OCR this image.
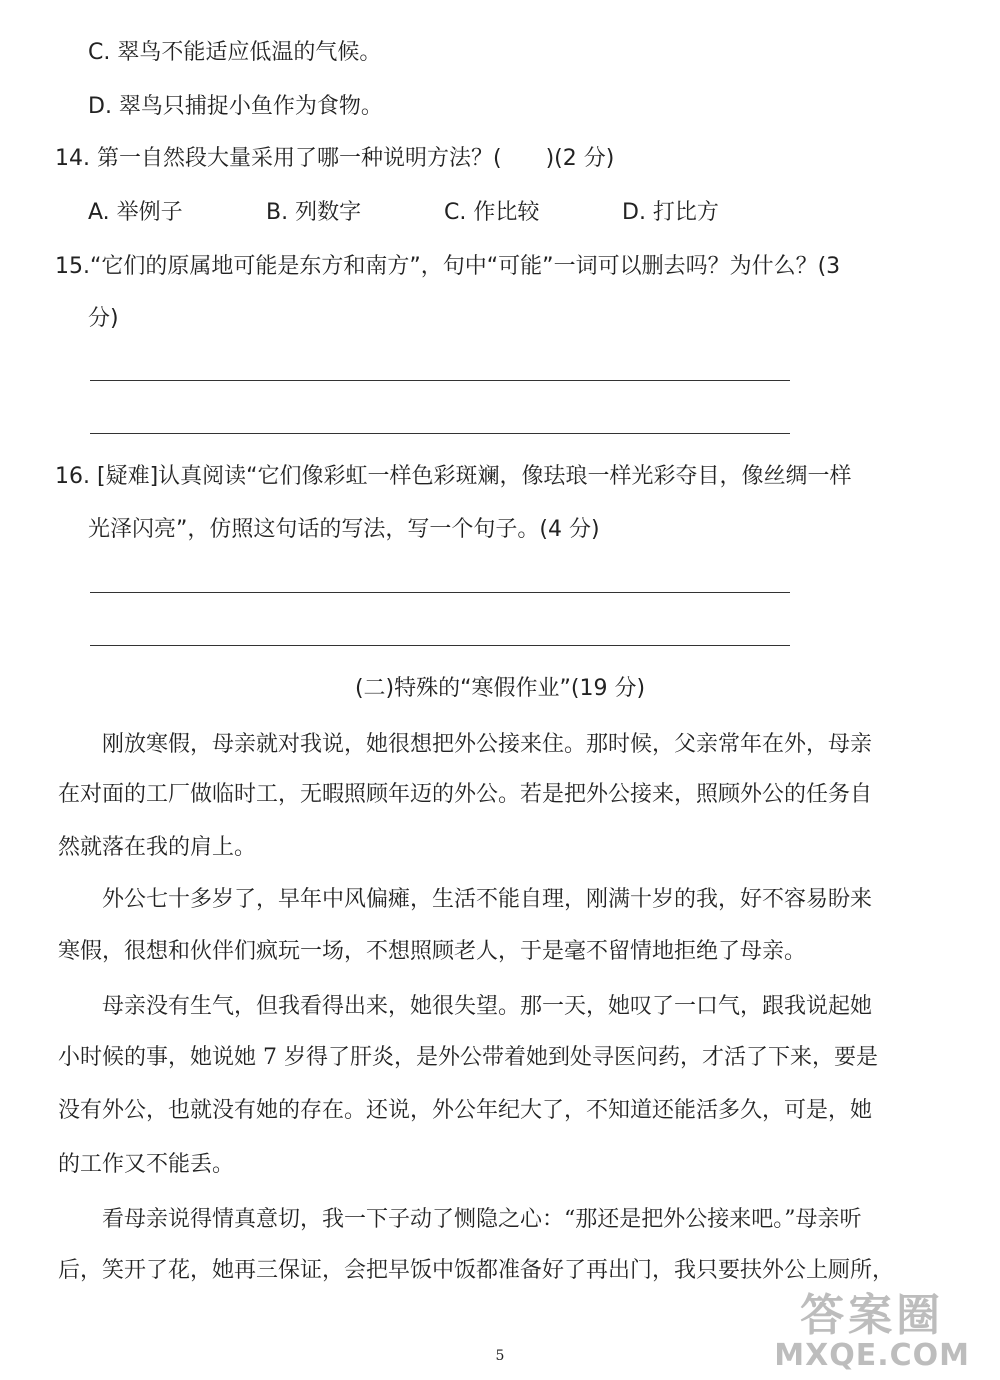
C. 翠鸟不能适应低温的气候。
D. 翠鸟只捕捉小鱼作为食物。
14. 第一自然段大量采用了哪一种说明方法？(　　)(2 分)
A. 举例子	B. 列数字	C. 作比较	D. 打比方
15.“它们的原属地可能是东方和南方”，句中“可能”一词可以删去吗？为什么？(3
分)
16. [疑难]认真阅读“它们像彩虹一样色彩斑斓，像珐琅一样光彩夺目，像丝绸一样
光泽闪亮”，仿照这句话的写法，写一个句子。(4 分)
(二)特殊的“寒假作业”(19 分)
　　刚放寒假，母亲就对我说，她很想把外公接来住。那时候，父亲常年在外，母亲
在对面的工厂做临时工，无暇照顾年迈的外公。若是把外公接来，照顾外公的任务自
然就落在我的肩上。
　　外公七十多岁了，早年中风偏瘫，生活不能自理，刚满十岁的我，好不容易盼来
寒假，很想和伙伴们疯玩一场，不想照顾老人，于是毫不留情地拒绝了母亲。
　　母亲没有生气，但我看得出来，她很失望。那一天，她叹了一口气，跟我说起她
小时候的事，她说她 7 岁得了肝炎，是外公带着她到处寻医问药，才活了下来，要是
没有外公，也就没有她的存在。还说，外公年纪大了，不知道还能活多久，可是，她
的工作又不能丢。
　　看母亲说得情真意切，我一下子动了恻隐之心：“那还是把外公接来吧。”母亲听
后，笑开了花，她再三保证，会把早饭中饭都准备好了再出门，我只要扶外公上厕所，
5
答案圈
MXQE.COM
